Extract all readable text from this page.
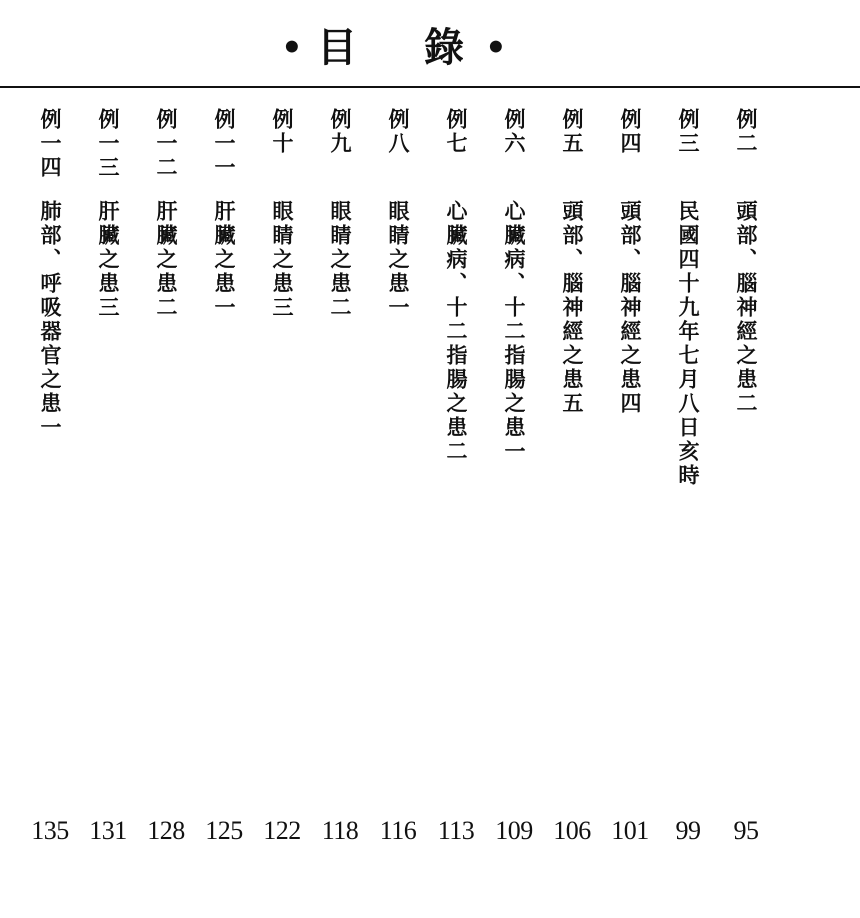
• 目 錄 •
例二
頭部、腦神經之患二
95
例三
民國四十九年七月八日亥時
99
例四
頭部、腦神經之患四
101
例五
頭部、腦神經之患五
106
例六
心臟病、十二指腸之患一
109
例七
心臟病、十二指腸之患二
113
例八
眼睛之患一
116
例九
眼睛之患二
118
例十
眼睛之患三
122
例一一
肝臟之患一
125
例一二
肝臟之患二
128
例一三
肝臟之患三
131
例一四
肺部、呼吸器官之患一
135
